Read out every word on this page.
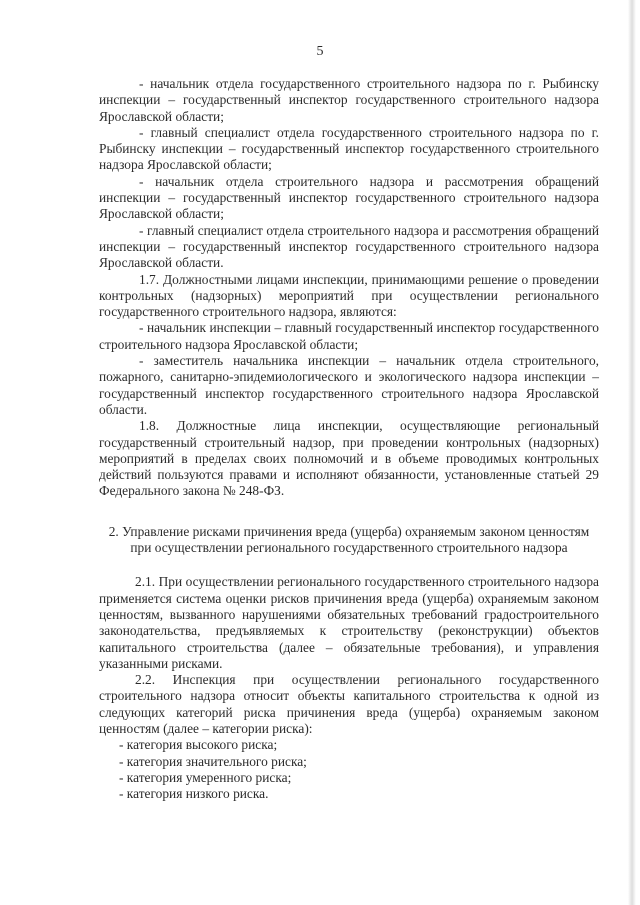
5

- начальник отдела государственного строительного надзора по г. Рыбинску инспекции – государственный инспектор государственного строительного надзора Ярославской области;

- главный специалист отдела государственного строительного надзора по г. Рыбинску инспекции – государственный инспектор государственного строительного надзора Ярославской области;

- начальник отдела строительного надзора и рассмотрения обращений инспекции – государственный инспектор государственного строительного надзора Ярославской области;

- главный специалист отдела строительного надзора и рассмотрения обращений инспекции – государственный инспектор государственного строительного надзора Ярославской области.

1.7. Должностными лицами инспекции, принимающими решение о проведении контрольных (надзорных) мероприятий при осуществлении регионального государственного строительного надзора, являются:

- начальник инспекции – главный государственный инспектор государственного строительного надзора Ярославской области;

- заместитель начальника инспекции – начальник отдела строительного, пожарного, санитарно-эпидемиологического и экологического надзора инспекции – государственный инспектор государственного строительного надзора Ярославской области.

1.8. Должностные лица инспекции, осуществляющие региональный государственный строительный надзор, при проведении контрольных (надзорных) мероприятий в пределах своих полномочий и в объеме проводимых контрольных действий пользуются правами и исполняют обязанности, установленные статьей 29 Федерального закона № 248-ФЗ.

2. Управление рисками причинения вреда (ущерба) охраняемым законом ценностям при осуществлении регионального государственного строительного надзора

2.1. При осуществлении регионального государственного строительного надзора применяется система оценки рисков причинения вреда (ущерба) охраняемым законом ценностям, вызванного нарушениями обязательных требований градостроительного законодательства, предъявляемых к строительству (реконструкции) объектов капитального строительства (далее – обязательные требования), и управления указанными рисками.

2.2. Инспекция при осуществлении регионального государственного строительного надзора относит объекты капитального строительства к одной из следующих категорий риска причинения вреда (ущерба) охраняемым законом ценностям (далее – категории риска):

- категория высокого риска;
- категория значительного риска;
- категория умеренного риска;
- категория низкого риска.
